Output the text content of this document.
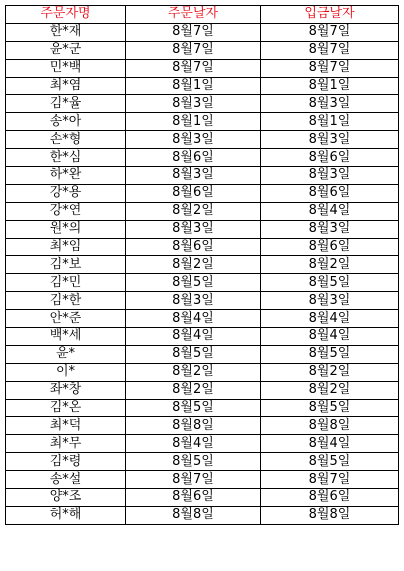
주문자명	주문날자	입금날자
한*재	8월7일	8월7일
윤*군	8월7일	8월7일
민*백	8월7일	8월7일
최*염	8월1일	8월1일
김*율	8월3일	8월3일
송*아	8월1일	8월1일
손*형	8월3일	8월3일
한*심	8월6일	8월6일
하*완	8월3일	8월3일
강*용	8월6일	8월6일
강*연	8월2일	8월4일
원*의	8월3일	8월3일
최*임	8월6일	8월6일
김*보	8월2일	8월2일
김*민	8월5일	8월5일
김*한	8월3일	8월3일
안*준	8월4일	8월4일
백*세	8월4일	8월4일
윤*	8월5일	8월5일
이*	8월2일	8월2일
좌*창	8월2일	8월2일
김*온	8월5일	8월5일
최*덕	8월8일	8월8일
최*무	8월4일	8월4일
김*령	8월5일	8월5일
송*설	8월7일	8월7일
양*조	8월6일	8월6일
허*해	8월8일	8월8일
